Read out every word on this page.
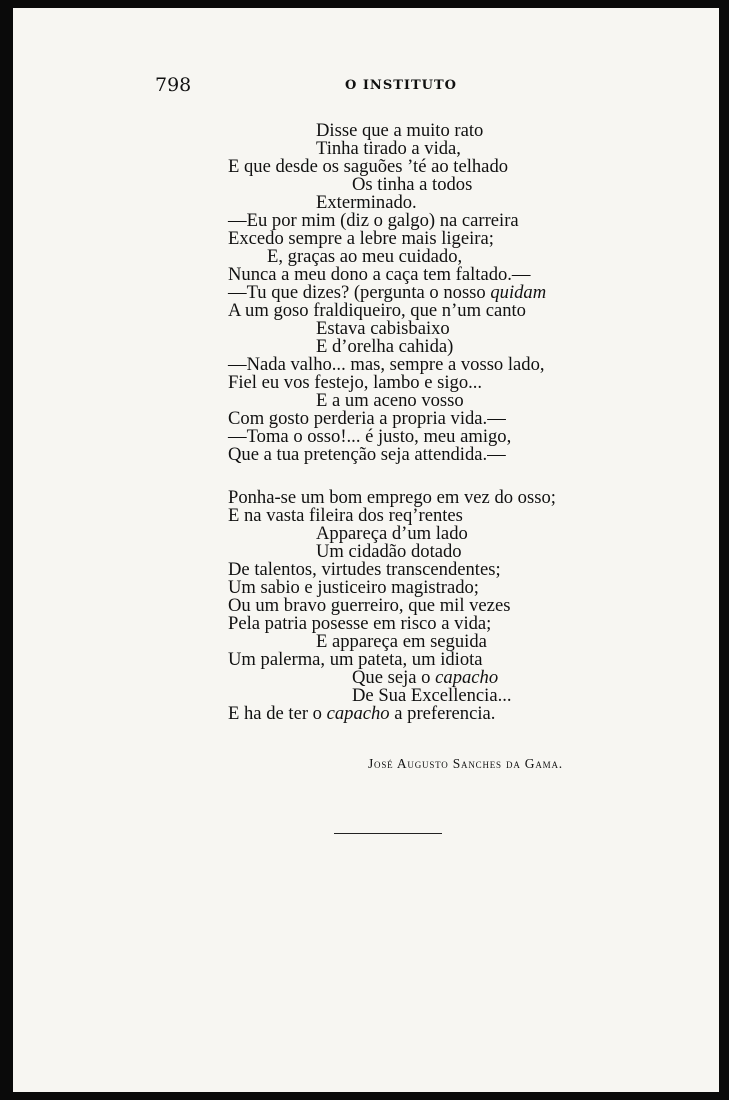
798	O INSTITUTO
Disse que a muito rato
Tinha tirado a vida,
E que desde os saguões ’té ao telhado
Os tinha a todos
Exterminado.
—Eu por mim (diz o galgo) na carreira
Excedo sempre a lebre mais ligeira;
E, graças ao meu cuidado,
Nunca a meu dono a caça tem faltado.—
—Tu que dizes? (pergunta o nosso quidam
A um goso fraldiqueiro, que n’um canto
Estava cabisbaixo
E d’orelha cahida)
—Nada valho... mas, sempre a vosso lado,
Fiel eu vos festejo, lambo e sigo...
E a um aceno vosso
Com gosto perderia a propria vida.—
—Toma o osso!... é justo, meu amigo,
Que a tua pretenção seja attendida.—
Ponha-se um bom emprego em vez do osso;
E na vasta fileira dos req’rentes
Appareça d’um lado
Um cidadão dotado
De talentos, virtudes transcendentes;
Um sabio e justiceiro magistrado;
Ou um bravo guerreiro, que mil vezes
Pela patria posesse em risco a vida;
E appareça em seguida
Um palerma, um pateta, um idiota
Que seja o capacho
De Sua Excellencia...
E ha de ter o capacho a preferencia.
José Augusto Sanches da Gama.
